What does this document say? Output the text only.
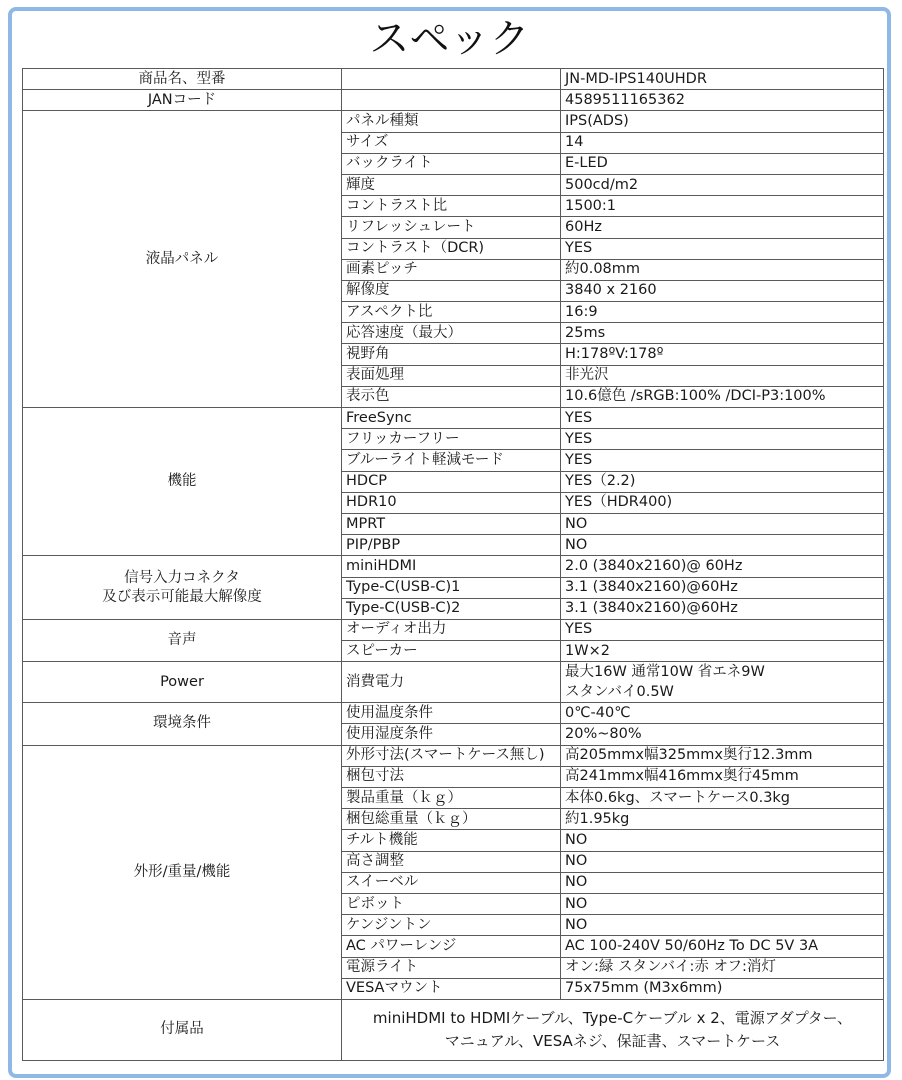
スペック
商品名、型番		JN-MD-IPS140UHDR
JANコード		4589511165362
液晶パネル	パネル種類	IPS(ADS)
	サイズ	14
	バックライト	E-LED
	輝度	500cd/m2
	コントラスト比	1500:1
	リフレッシュレート	60Hz
	コントラスト（DCR)	YES
	画素ピッチ	約0.08mm
	解像度	3840 x 2160
	アスペクト比	16:9
	応答速度（最大）	25ms
	視野角	H:178ºV:178º
	表面処理	非光沢
	表示色	10.6億色 /sRGB:100% /DCI-P3:100%
機能	FreeSync	YES
	フリッカーフリー	YES
	ブルーライト軽減モード	YES
	HDCP	YES（2.2)
	HDR10	YES（HDR400)
	MPRT	NO
	PIP/PBP	NO

信号入力コネクタ
及び表示可能最大解像度	miniHDMI	2.0 (3840x2160)@ 60Hz
	Type-C(USB-C)1	3.1 (3840x2160)@60Hz
	Type-C(USB-C)2	3.1 (3840x2160)@60Hz
音声	オーディオ出力	YES
	スピーカー	1W×2
Power	消費電力	最大16W 通常10W 省エネ9W
スタンバイ0.5W

環境条件	使用温度条件	0℃-40℃
	使用湿度条件	20%~80%
外形/重量/機能	外形寸法(スマートケース無し)	高205mmx幅325mmx奥行12.3mm
	梱包寸法	高241mmx幅416mmx奥行45mm
	製品重量（ｋｇ）	本体0.6kg、スマートケース0.3kg
	梱包総重量（ｋｇ）	約1.95kg
	チルト機能	NO
	高さ調整	NO
	スイーベル	NO
	ピボット	NO
	ケンジントン	NO
	AC パワーレンジ	AC 100-240V 50/60Hz To DC 5V 3A
	電源ライト	オン:緑 スタンバイ:赤 オフ:消灯
	VESAマウント	75x75mm (M3x6mm)
付属品	miniHDMI to HDMIケーブル、Type-Cケーブル x 2、電源アダプター、
マニュアル、VESAネジ、保証書、スマートケース	
